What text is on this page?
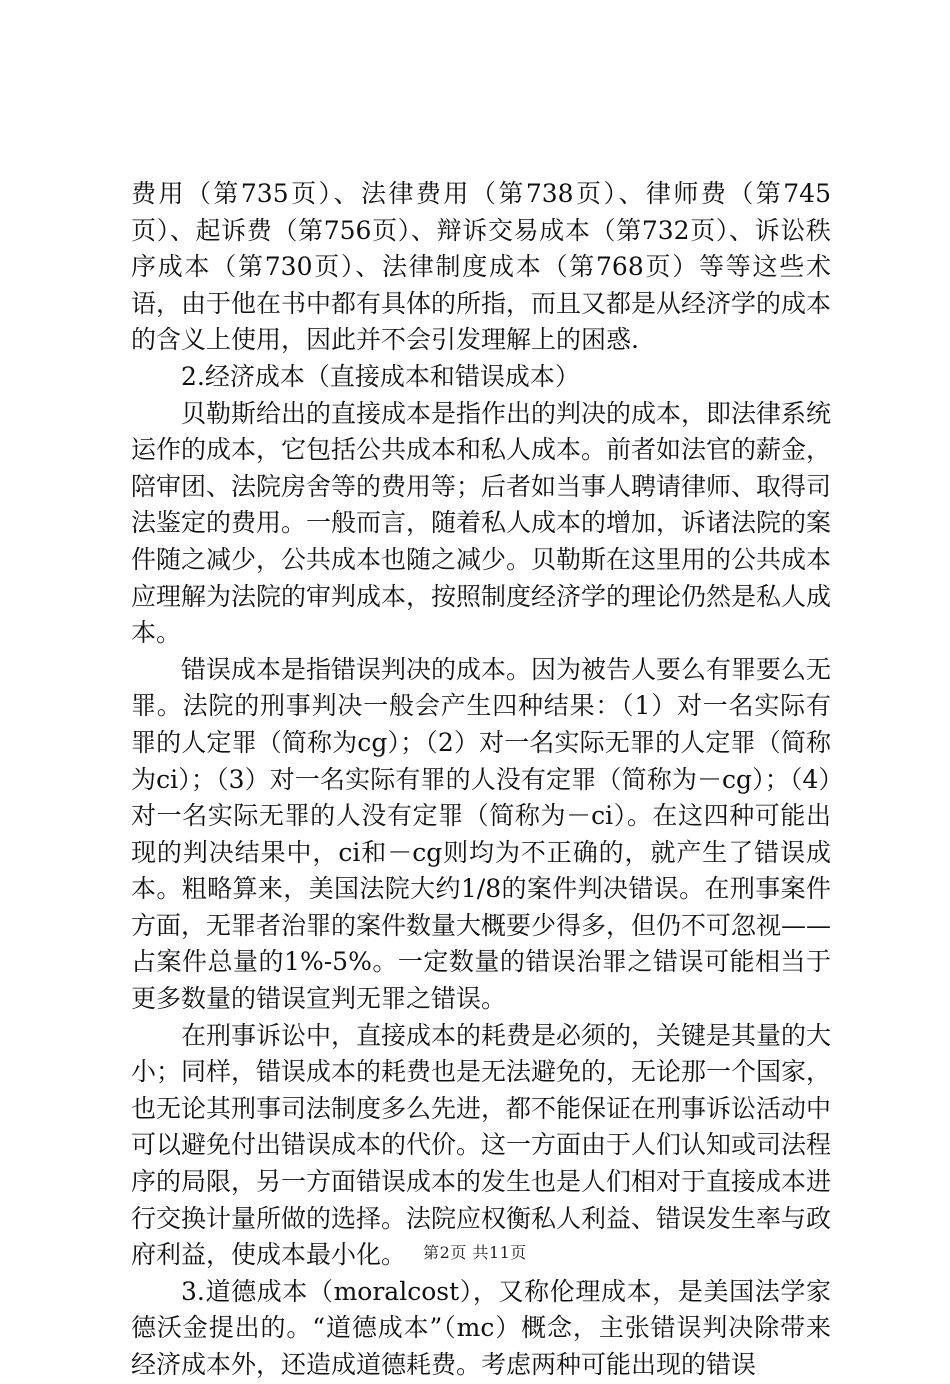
费用（第735页）、法律费用（第738页）、律师费（第745页）、起诉费（第756页）、辩诉交易成本（第732页）、诉讼秩序成本（第730页）、法律制度成本（第768页）等等这些术语，由于他在书中都有具体的所指，而且又都是从经济学的成本的含义上使用，因此并不会引发理解上的困惑.

2.经济成本（直接成本和错误成本）

贝勒斯给出的直接成本是指作出的判决的成本，即法律系统运作的成本，它包括公共成本和私人成本。前者如法官的薪金，陪审团、法院房舍等的费用等；后者如当事人聘请律师、取得司法鉴定的费用。一般而言，随着私人成本的增加，诉诸法院的案件随之减少，公共成本也随之减少。贝勒斯在这里用的公共成本应理解为法院的审判成本，按照制度经济学的理论仍然是私人成本。

错误成本是指错误判决的成本。因为被告人要么有罪要么无罪。法院的刑事判决一般会产生四种结果：（1）对一名实际有罪的人定罪（简称为cg）；（2）对一名实际无罪的人定罪（简称为ci）；（3）对一名实际有罪的人没有定罪（简称为－cg）；（4）对一名实际无罪的人没有定罪（简称为－ci）。在这四种可能出现的判决结果中，ci和－cg则均为不正确的，就产生了错误成本。粗略算来，美国法院大约1/8的案件判决错误。在刑事案件方面，无罪者治罪的案件数量大概要少得多，但仍不可忽视——占案件总量的1%-5%。一定数量的错误治罪之错误可能相当于更多数量的错误宣判无罪之错误。

在刑事诉讼中，直接成本的耗费是必须的，关键是其量的大小；同样，错误成本的耗费也是无法避免的，无论那一个国家，也无论其刑事司法制度多么先进，都不能保证在刑事诉讼活动中可以避免付出错误成本的代价。这一方面由于人们认知或司法程序的局限，另一方面错误成本的发生也是人们相对于直接成本进行交换计量所做的选择。法院应权衡私人利益、错误发生率与政府利益，使成本最小化。

3.道德成本（moralcost），又称伦理成本，是美国法学家德沃金提出的。“道德成本”（mc）概念，主张错误判决除带来经济成本外，还造成道德耗费。考虑两种可能出现的错误

第2页 共11页
